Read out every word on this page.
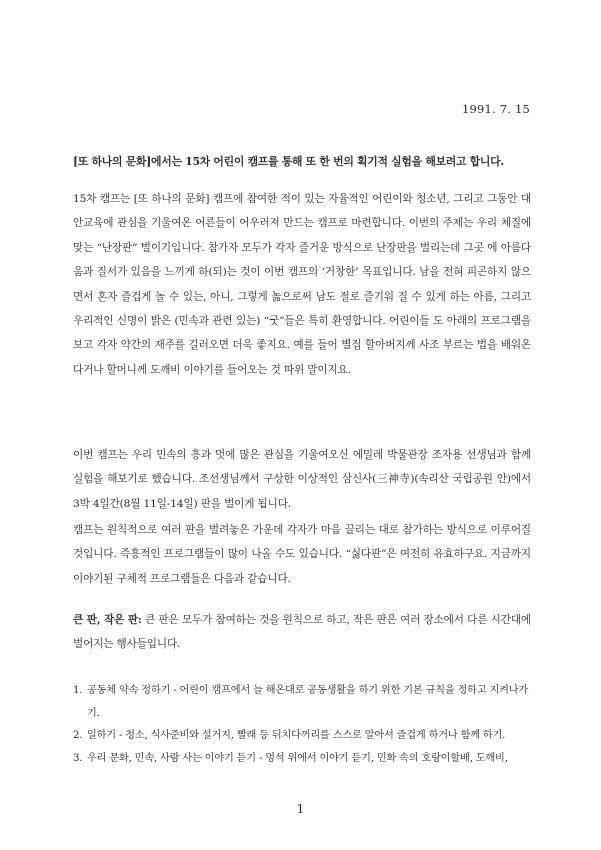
1991. 7. 15
[또 하나의 문화]에서는 15차 어린이 캠프를 통해 또 한 번의 획기적 실험을 해보려고 합니다.
15차 캠프는 [또 하나의 문화] 캠프에 참여한 적이 있는 자율적인 어린이와 청소년, 그리고 그동안 대안교육에 관심을 기울여온 어른들이 어우러져 만드는 캠프로 마련합니다. 이번의 주제는 우리 체질에 맞는 “난장판” 벌이기입니다. 참가자 모두가 각자 즐거운 방식으로 난장판을 벌리는데 그곳 에 아름다움과 질서가 있음을 느끼게 하(되)는 것이 이번 캠프의 ‘거창한’ 목표입니다. 남을 전혀 피곤하지 않으면서 혼자 즐겁게 놀 수 있는, 아니, 그렇게 놂으로써 남도 절로 즐기워 질 수 있게 하는 아름, 그리고 우리적인 신명이 밝은 (민속과 관련 있는) “굿”들은 특히 환영합니다. 어린이들 도 아래의 프로그램을 보고 각자 약간의 재주를 길러오면 더욱 좋지요. 예를 들어 별집 할아버지께 사조 부르는 법을 배워온다거나 할머니께 도깨비 이야기를 들어오는 것 따위 말이지요.
이번 캠프는 우리 민속의 흥과 멋에 많은 관심을 기울여오신 에밀레 박물관장 조자용 선생님과 함께 실험을 해보기로 했습니다. 조선생님께서 구상한 이상적인 삼신사(三神寺)(속리산 국립공원 안)에서 3박 4일간(8월 11일-14일) 판을 벌이게 됩니다.
캠프는 원칙적으로 여러 판을 벌려놓은 가운데 각자가 마음 끌리는 대로 참가하는 방식으로 이루어질 것입니다. 즉흥적인 프로그램들이 많이 나올 수도 있습니다. “싫다판”은 여전히 유효하구요. 지금까지 이야기된 구체적 프로그램들은 다음과 같습니다.
큰 판, 작은 판: 큰 판은 모두가 참여하는 것을 원칙으로 하고, 작은 판은 여러 장소에서 다른 시간대에 벌어지는 행사들입니다.
1. 공동체 약속 정하기 - 어린이 캠프에서 늘 해온대로 공동생활을 하기 위한 기본 규칙을 정하고 지켜나가기.
2. 일하기 - 청소, 식사준비와 설거지, 빨래 등 뒤치다꺼리를 스스로 알아서 즐겁게 하거나 함께 하기.
3. 우리 문화, 민속, 사람 사는 이야기 듣기 - 멍석 위에서 이야기 듣기, 민화 속의 호랑이할배, 도깨비,
1
